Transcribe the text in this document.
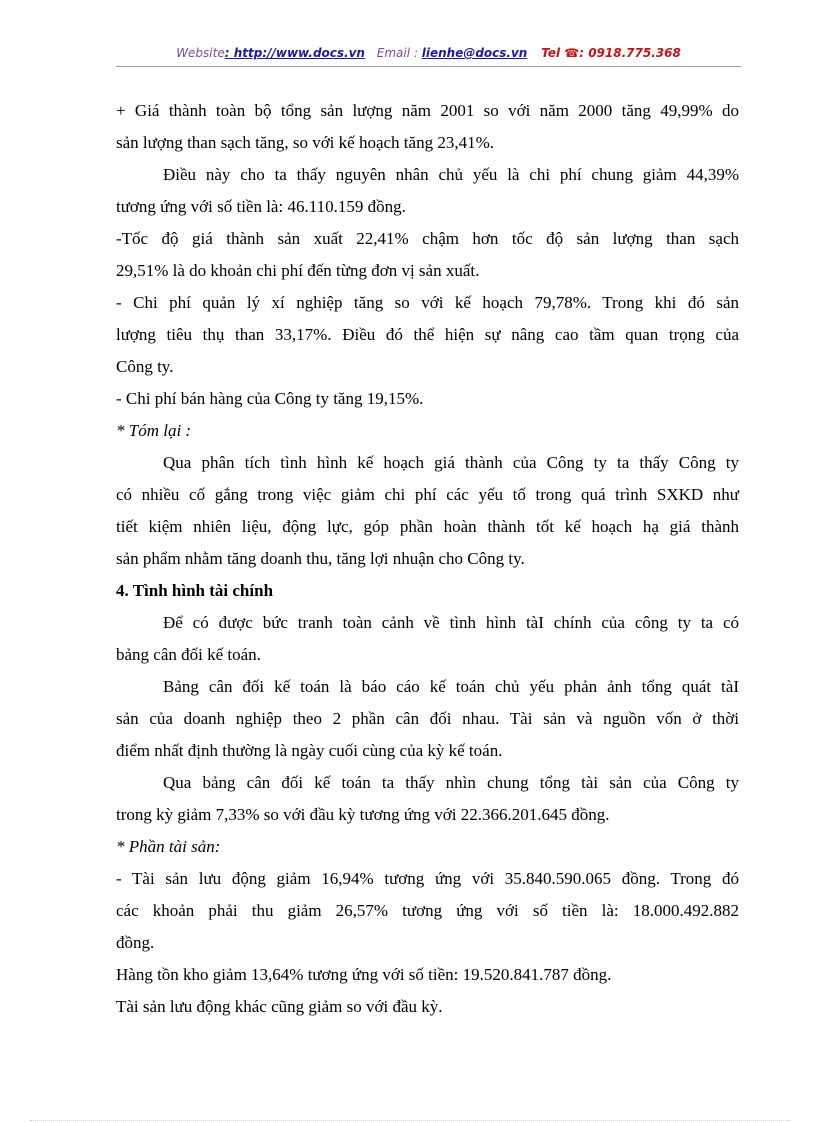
Website: http://www.docs.vn Email : lienhe@docs.vn Tel ☎: 0918.775.368
+ Giá thành toàn bộ tổng sản lượng năm 2001 so với năm 2000 tăng 49,99% do
sản lượng than sạch tăng, so với kế hoạch tăng 23,41%.
Điều này cho ta thấy nguyên nhân chủ yếu là chi phí chung giảm 44,39%
tương ứng với số tiền là: 46.110.159 đồng.
-Tốc độ giá thành sản xuất 22,41% chậm hơn tốc độ sản lượng than sạch
29,51% là do khoản chi phí đến từng đơn vị sản xuất.
- Chi phí quản lý xí nghiệp tăng so với kế hoạch 79,78%. Trong khi đó sản
lượng tiêu thụ than 33,17%. Điều đó thể hiện sự nâng cao tầm quan trọng của
Công ty.
- Chi phí bán hàng của Công ty tăng 19,15%.
* Tóm lại :
Qua phân tích tình hình kế hoạch giá thành của Công ty ta thấy Công ty
có nhiều cố gắng trong việc giảm chi phí các yếu tố trong quá trình SXKD như
tiết kiệm nhiên liệu, động lực, góp phần hoàn thành tốt kế hoạch hạ giá thành
sản phẩm nhằm tăng doanh thu, tăng lợi nhuận cho Công ty.
4. Tình hình tài chính
Để có được bức tranh toàn cảnh về tình hình tàI chính của công ty ta có
bảng cân đối kế toán.
Bảng cân đối kế toán là báo cáo kế toán chủ yếu phản ảnh tổng quát tàI
sản của doanh nghiệp theo 2 phần cân đối nhau. Tài sản và nguồn vốn ở thời
điểm nhất định thường là ngày cuối cùng của kỳ kế toán.
Qua bảng cân đối kế toán ta thấy nhìn chung tổng tài sản của Công ty
trong kỳ giảm 7,33% so với đầu kỳ tương ứng với 22.366.201.645 đồng.
* Phần tài sản:
- Tài sản lưu động giảm 16,94% tương ứng với 35.840.590.065 đồng. Trong đó
các khoản phải thu giảm 26,57% tương ứng với số tiền là: 18.000.492.882
đồng.
Hàng tồn kho giảm 13,64% tương ứng với số tiền: 19.520.841.787 đồng.
Tài sản lưu động khác cũng giảm so với đầu kỳ.
